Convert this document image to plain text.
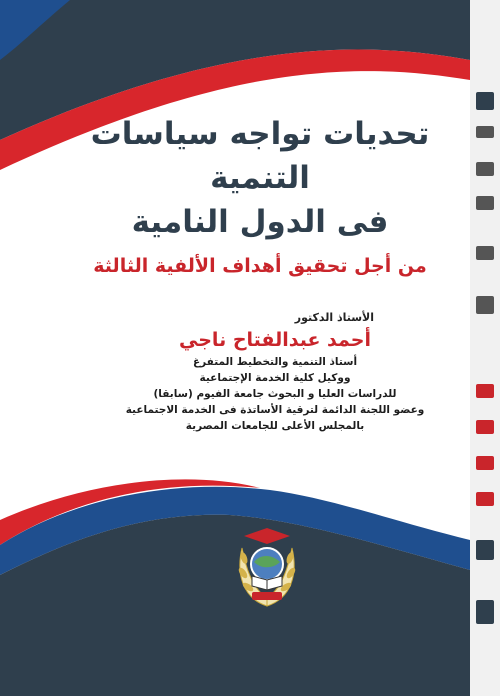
تحديات تواجه سياسات التنمية
فى الدول النامية
من أجل تحقيق أهداف الألفية الثالثة
الأستاذ الدكتور
أحمد عبدالفتاح ناجي
أستاذ التنمية والتخطيط المتفرغ
ووكيل كلية الخدمة الإجتماعية
للدراسات العليا و البحوث جامعة الفيوم (سابقا)
وعضو اللجنة الدائمة لترقية الأساتذة فى الخدمة الاجتماعية
بالمجلس الأعلى للجامعات المصرية
